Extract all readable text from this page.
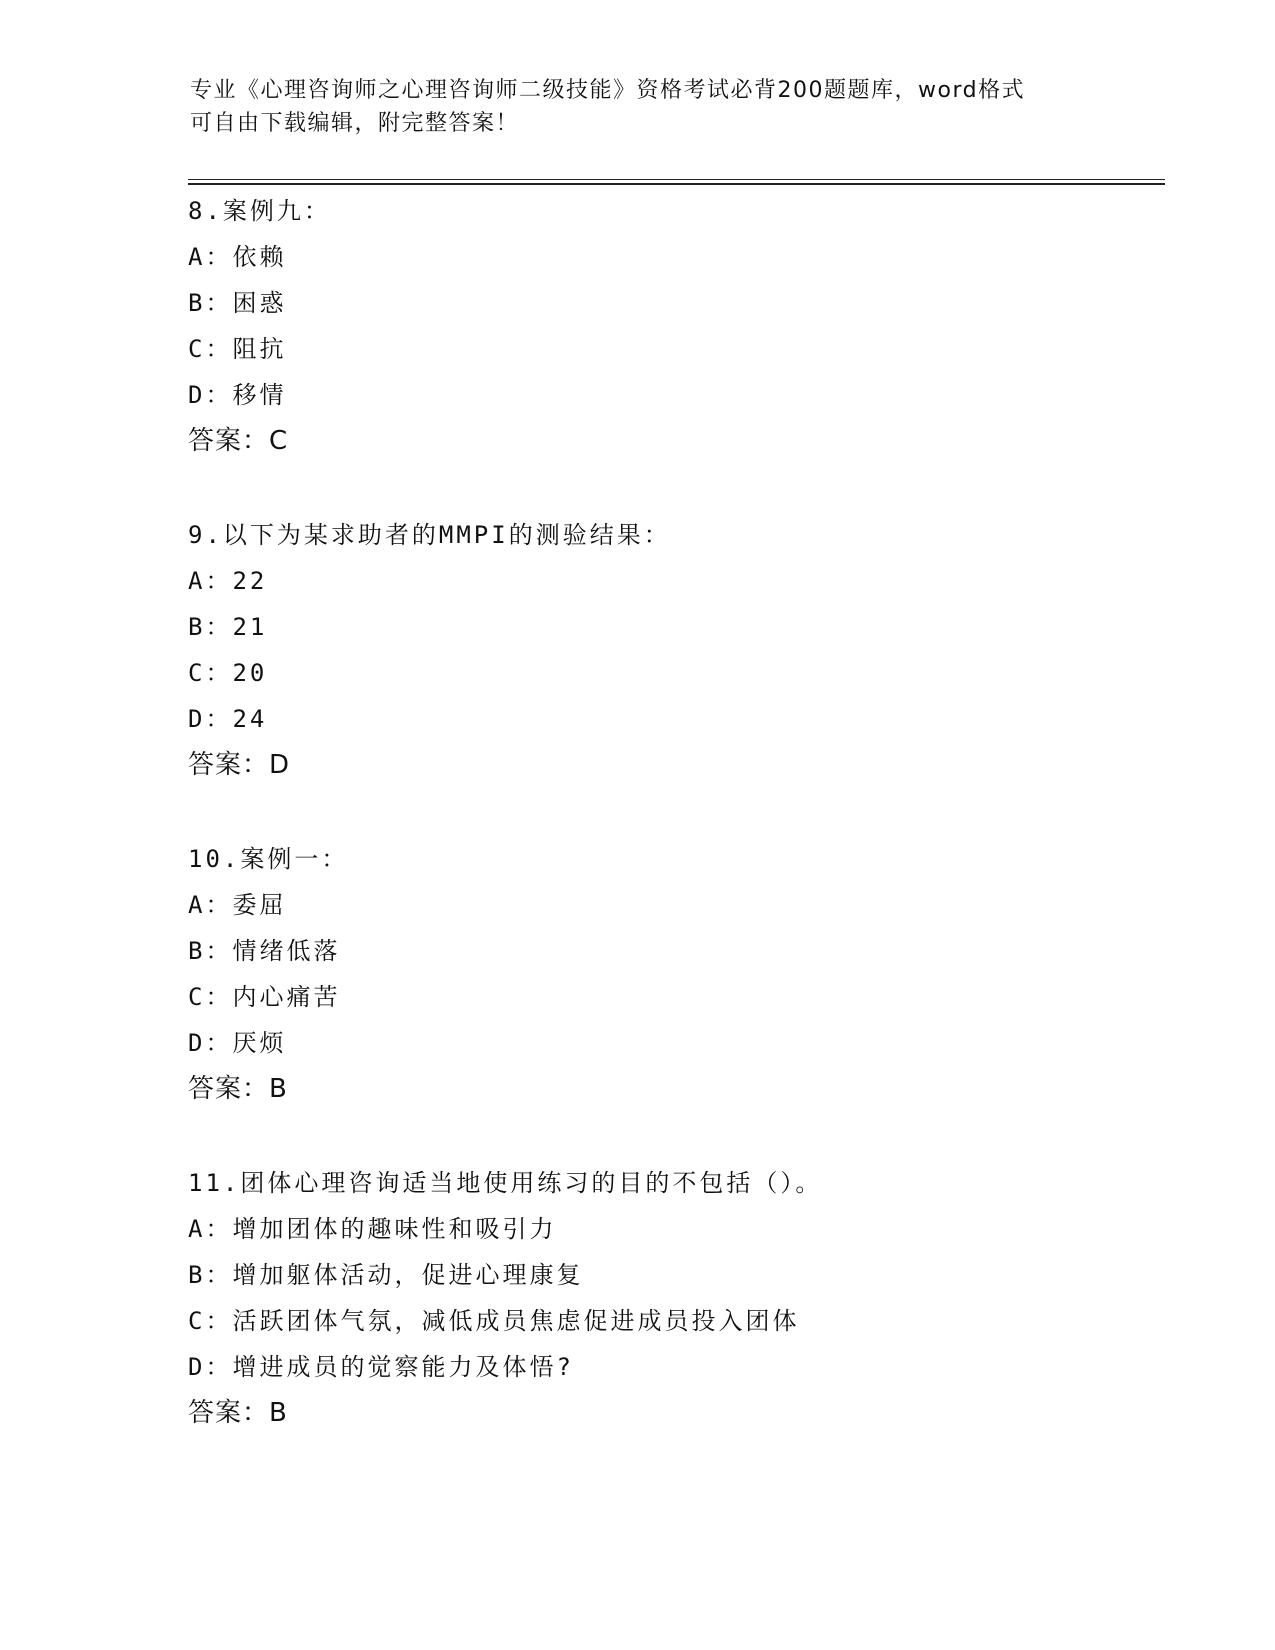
专业《心理咨询师之心理咨询师二级技能》资格考试必背200题题库，word格式
可自由下载编辑，附完整答案！
8.案例九：
A：依赖
B：困惑
C：阻抗
D：移情
答案：C
9.以下为某求助者的MMPI的测验结果：
A：22
B：21
C：20
D：24
答案：D
10.案例一：
A：委屈
B：情绪低落
C：内心痛苦
D：厌烦
答案：B
11.团体心理咨询适当地使用练习的目的不包括（）。
A：增加团体的趣味性和吸引力
B：增加躯体活动，促进心理康复
C：活跃团体气氛，减低成员焦虑促进成员投入团体
D：增进成员的觉察能力及体悟?
答案：B
